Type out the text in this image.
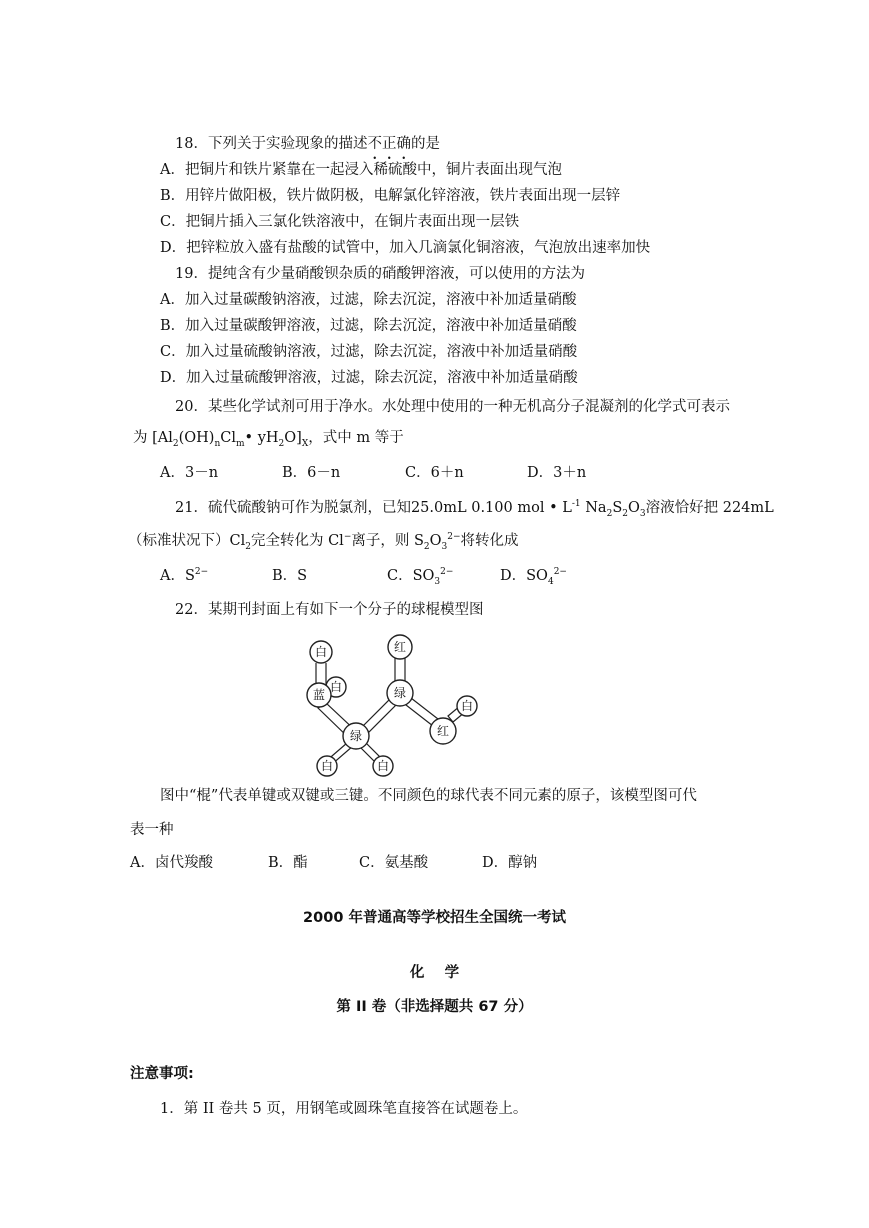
18．下列关于实验现象的描述不正确的是
A．把铜片和铁片紧靠在一起浸入稀硫酸中，铜片表面出现气泡
B．用锌片做阳极，铁片做阴极，电解氯化锌溶液，铁片表面出现一层锌
C．把铜片插入三氯化铁溶液中，在铜片表面出现一层铁
D．把锌粒放入盛有盐酸的试管中，加入几滴氯化铜溶液，气泡放出速率加快
19．提纯含有少量硝酸钡杂质的硝酸钾溶液，可以使用的方法为
A．加入过量碳酸钠溶液，过滤，除去沉淀，溶液中补加适量硝酸
B．加入过量碳酸钾溶液，过滤，除去沉淀，溶液中补加适量硝酸
C．加入过量硫酸钠溶液，过滤，除去沉淀，溶液中补加适量硝酸
D．加入过量硫酸钾溶液，过滤，除去沉淀，溶液中补加适量硝酸
20．某些化学试剂可用于净水。水处理中使用的一种无机高分子混凝剂的化学式可表示
为 [$Al_2(OH)_nCl_m•$ $yH_2O]_X$，式中 m 等于
A．3－n	B．6－n	C．6＋n	D．3＋n
21．硫代硫酸钠可作为脱氯剂，已知25.0mL 0.100 mol • $L^{-1}$ $Na_2S_2O_3$溶液恰好把 224mL
（标准状况下）$Cl_2$完全转化为 Cl−离子，则 $S_2O_3^{2-}$将转化成
A．$S^{2-}$	B．S	C．$SO_3^{2-}$	D．$SO_4^{2-}$
22．某期刊封面上有如下一个分子的球棍模型图
白
白
蓝
红
绿
白
绿	红
白	白
图中“棍”代表单键或双键或三键。不同颜色的球代表不同元素的原子，该模型图可代
表一种
A．卤代羧酸	B．酯	C．氨基酸	D．醇钠
2000 年普通高等学校招生全国统一考试
化    学
第 II 卷（非选择题共 67 分）
注意事项:
1．第 II 卷共 5 页，用钢笔或圆珠笔直接答在试题卷上。
